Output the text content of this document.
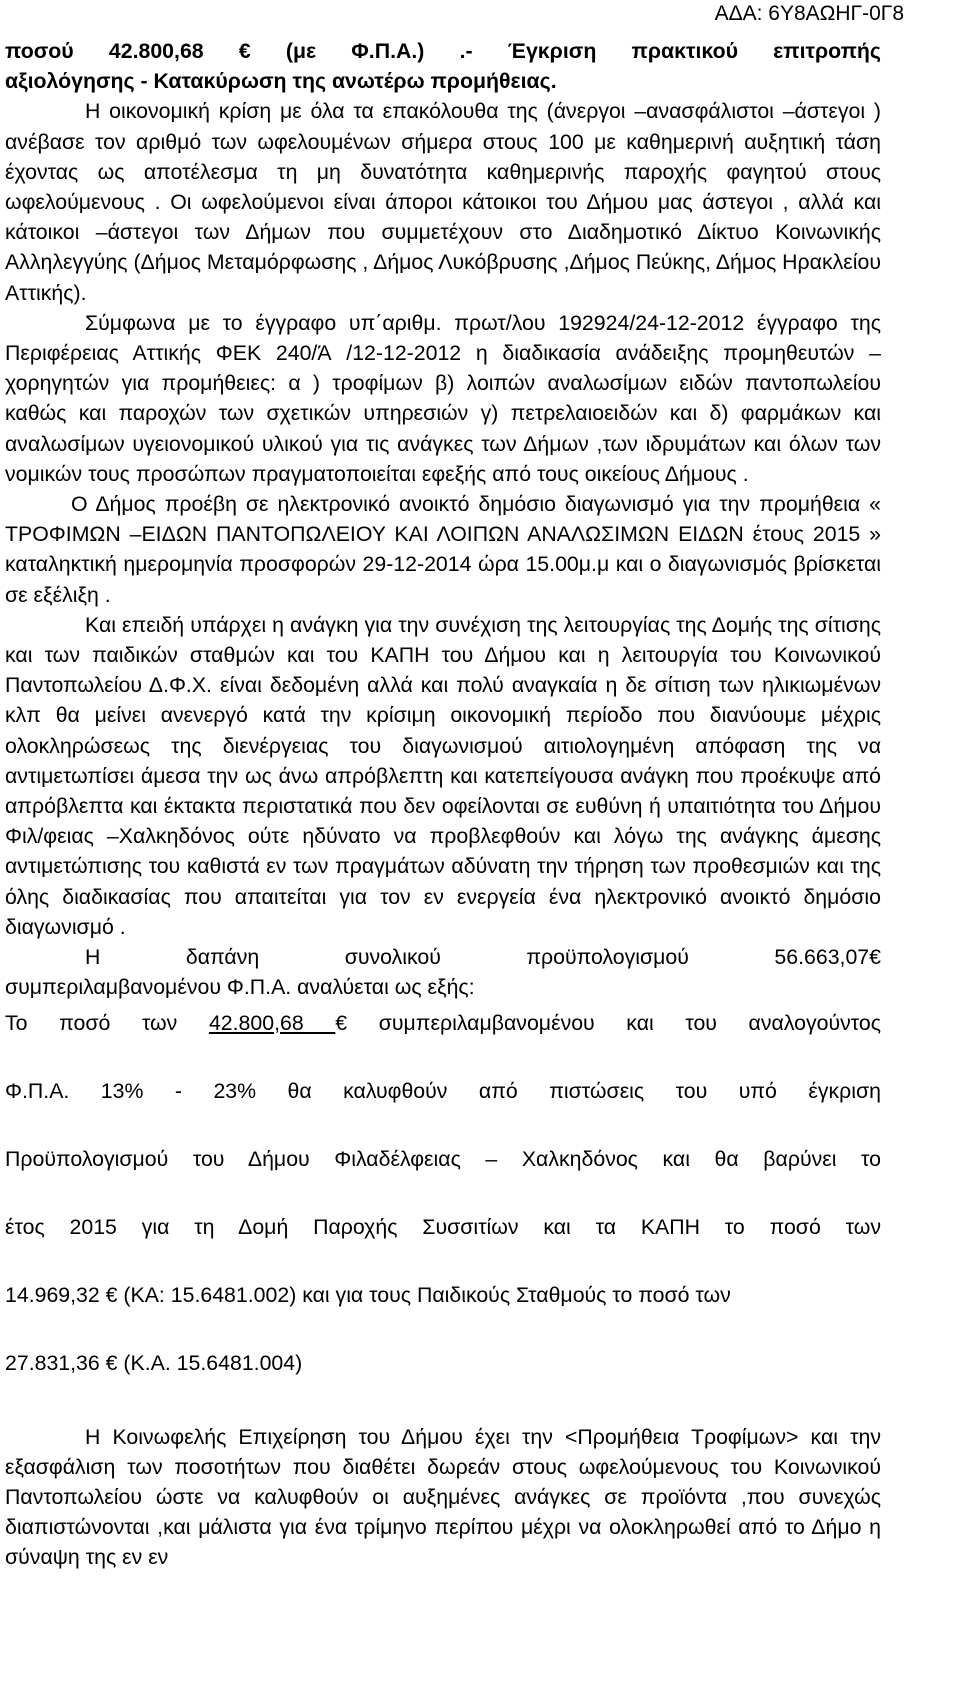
ΑΔΑ: 6Υ8ΑΩΗΓ-0Γ8

ποσού 42.800,68 € (με Φ.Π.Α.) .- Έγκριση πρακτικού επιτροπής

αξιολόγησης - Κατακύρωση της ανωτέρω προμήθειας.

Η οικονομική κρίση με όλα τα επακόλουθα της (άνεργοι –ανασφάλιστοι –άστεγοι ) ανέβασε τον αριθμό των ωφελουμένων σήμερα στους 100 με καθημερινή αυξητική τάση έχοντας ως αποτέλεσμα τη μη δυνατότητα καθημερινής παροχής φαγητού στους ωφελούμενους . Οι ωφελούμενοι είναι άποροι κάτοικοι του Δήμου μας άστεγοι , αλλά και κάτοικοι –άστεγοι των Δήμων που συμμετέχουν στο Διαδημοτικό Δίκτυο Κοινωνικής Αλληλεγγύης (Δήμος Μεταμόρφωσης , Δήμος Λυκόβρυσης ,Δήμος Πεύκης, Δήμος Ηρακλείου Αττικής).

Σύμφωνα με το έγγραφο υπ΄αριθμ. πρωτ/λου 192924/24-12-2012 έγγραφο της Περιφέρειας Αττικής ΦΕΚ 240/Ά /12-12-2012 η διαδικασία ανάδειξης προμηθευτών –χορηγητών για προμήθειες: α ) τροφίμων β) λοιπών αναλωσίμων ειδών παντοπωλείου καθώς και παροχών των σχετικών υπηρεσιών γ) πετρελαιοειδών και δ) φαρμάκων και αναλωσίμων υγειονομικού υλικού για τις ανάγκες των Δήμων ,των ιδρυμάτων και όλων των νομικών τους προσώπων πραγματοποιείται εφεξής από τους οικείους Δήμους .

Ο Δήμος προέβη σε ηλεκτρονικό ανοικτό δημόσιο διαγωνισμό για την προμήθεια « ΤΡΟΦΙΜΩΝ –ΕΙΔΩΝ ΠΑΝΤΟΠΩΛΕΙΟΥ ΚΑΙ ΛΟΙΠΩΝ ΑΝΑΛΩΣΙΜΩΝ ΕΙΔΩΝ έτους 2015 » καταληκτική ημερομηνία προσφορών 29-12-2014 ώρα 15.00μ.μ και ο διαγωνισμός βρίσκεται σε εξέλιξη .

Και επειδή υπάρχει η ανάγκη για την συνέχιση της λειτουργίας της Δομής της σίτισης και των παιδικών σταθμών και του ΚΑΠΗ του Δήμου και η λειτουργία του Κοινωνικού Παντοπωλείου Δ.Φ.Χ. είναι δεδομένη αλλά και πολύ αναγκαία η δε σίτιση των ηλικιωμένων κλπ θα μείνει ανενεργό κατά την κρίσιμη οικονομική περίοδο που διανύουμε μέχρις ολοκληρώσεως της διενέργειας του διαγωνισμού αιτιολογημένη απόφαση της να αντιμετωπίσει άμεσα την ως άνω απρόβλεπτη και κατεπείγουσα ανάγκη που προέκυψε από απρόβλεπτα και έκτακτα περιστατικά που δεν οφείλονται σε ευθύνη ή υπαιτιότητα του Δήμου Φιλ/φειας –Χαλκηδόνος ούτε ηδύνατο να προβλεφθούν και λόγω της ανάγκης άμεσης αντιμετώπισης του καθιστά εν των πραγμάτων αδύνατη την τήρηση των προθεσμιών και της όλης διαδικασίας που απαιτείται για τον εν ενεργεία ένα ηλεκτρονικό ανοικτό δημόσιο διαγωνισμό .

Η δαπάνη συνολικού προϋπολογισμού 56.663,07€

συμπεριλαμβανομένου Φ.Π.Α. αναλύεται ως εξής:

Το ποσό των 42.800,68 € συμπεριλαμβανομένου και του αναλογούντος

Φ.Π.Α. 13% - 23% θα καλυφθούν από πιστώσεις του υπό έγκριση

Προϋπολογισμού του Δήμου Φιλαδέλφειας – Χαλκηδόνος και θα βαρύνει το

έτος 2015 για τη Δομή Παροχής Συσσιτίων και τα ΚΑΠΗ το ποσό των

14.969,32 € (ΚΑ: 15.6481.002) και για τους Παιδικούς Σταθμούς το ποσό των

27.831,36 € (Κ.Α. 15.6481.004)

Η Κοινωφελής Επιχείρηση του Δήμου έχει την <Προμήθεια Τροφίμων> και την εξασφάλιση των ποσοτήτων που διαθέτει δωρεάν στους ωφελούμενους του Κοινωνικού Παντοπωλείου ώστε να καλυφθούν οι αυξημένες ανάγκες σε προϊόντα ,που συνεχώς διαπιστώνονται ,και μάλιστα για ένα τρίμηνο περίπου μέχρι να ολοκληρωθεί από το Δήμο η σύναψη της εν εν
